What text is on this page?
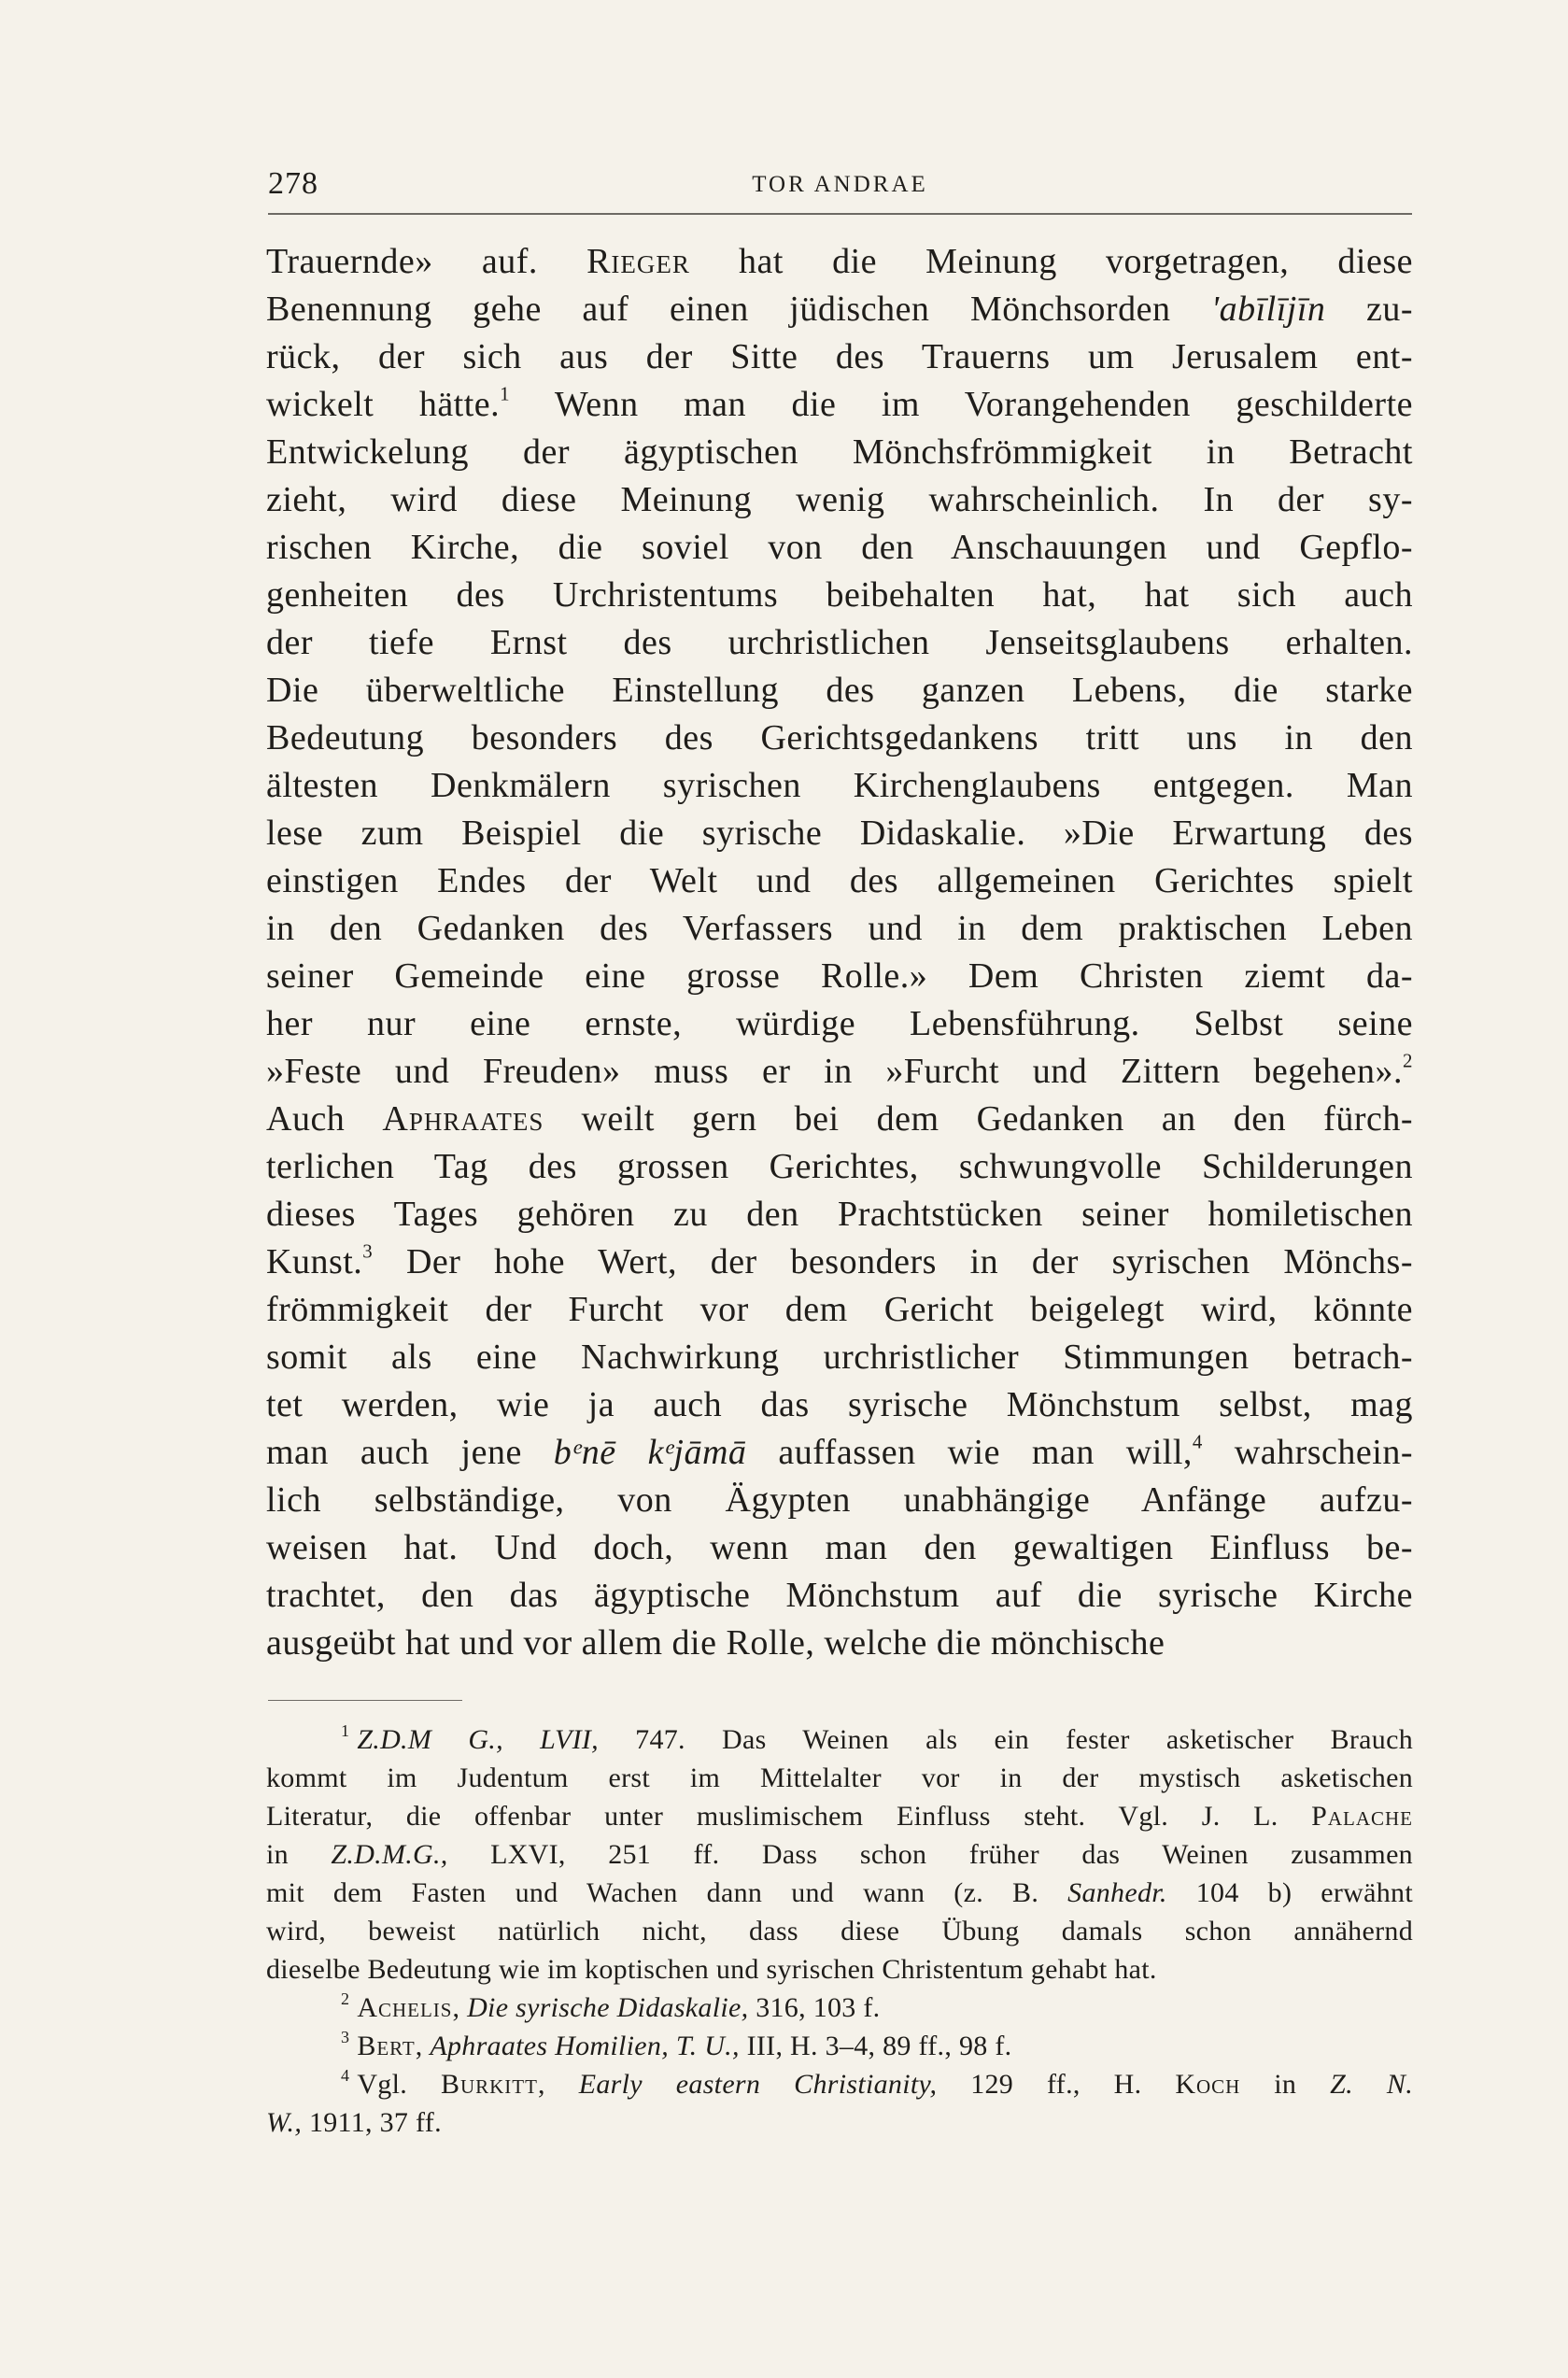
278	TOR ANDRAE
Trauernde» auf. Rieger hat die Meinung vorgetragen, diese
Benennung gehe auf einen jüdischen Mönchsorden 'abīlījīn zu-
rück, der sich aus der Sitte des Trauerns um Jerusalem ent-
wickelt hätte.$^1$ Wenn man die im Vorangehenden geschilderte
Entwickelung der ägyptischen Mönchsfrömmigkeit in Betracht
zieht, wird diese Meinung wenig wahrscheinlich. In der sy-
rischen Kirche, die soviel von den Anschauungen und Gepflo-
genheiten des Urchristentums beibehalten hat, hat sich auch
der tiefe Ernst des urchristlichen Jenseitsglaubens erhalten.
Die überweltliche Einstellung des ganzen Lebens, die starke
Bedeutung besonders des Gerichtsgedankens tritt uns in den
ältesten Denkmälern syrischen Kirchenglaubens entgegen. Man
lese zum Beispiel die syrische Didaskalie. »Die Erwartung des
einstigen Endes der Welt und des allgemeinen Gerichtes spielt
in den Gedanken des Verfassers und in dem praktischen Leben
seiner Gemeinde eine grosse Rolle.» Dem Christen ziemt da-
her nur eine ernste, würdige Lebensführung. Selbst seine
»Feste und Freuden» muss er in »Furcht und Zittern begehen».$^2$
Auch Aphraates weilt gern bei dem Gedanken an den fürch-
terlichen Tag des grossen Gerichtes, schwungvolle Schilderungen
dieses Tages gehören zu den Prachtstücken seiner homiletischen
Kunst.$^3$ Der hohe Wert, der besonders in der syrischen Mönchs-
frömmigkeit der Furcht vor dem Gericht beigelegt wird, könnte
somit als eine Nachwirkung urchristlicher Stimmungen betrach-
tet werden, wie ja auch das syrische Mönchstum selbst, mag
man auch jene bᵉnē kᵉjāmā auffassen wie man will,$^4$ wahrschein-
lich selbständige, von Ägypten unabhängige Anfänge aufzu-
weisen hat. Und doch, wenn man den gewaltigen Einfluss be-
trachtet, den das ägyptische Mönchstum auf die syrische Kirche
ausgeübt hat und vor allem die Rolle, welche die mönchische
$^1$ Z.D.M G., LVII, 747. Das Weinen als ein fester asketischer Brauch
kommt im Judentum erst im Mittelalter vor in der mystisch asketischen
Literatur, die offenbar unter muslimischem Einfluss steht. Vgl. J. L. Palache
in Z.D.M.G., LXVI, 251 ff. Dass schon früher das Weinen zusammen
mit dem Fasten und Wachen dann und wann (z. B. Sanhedr. 104 b) erwähnt
wird, beweist natürlich nicht, dass diese Übung damals schon annähernd
dieselbe Bedeutung wie im koptischen und syrischen Christentum gehabt hat.
$^2$ Achelis, Die syrische Didaskalie, 316, 103 f.
$^3$ Bert, Aphraates Homilien, T. U., III, H. 3–4, 89 ff., 98 f.
$^4$ Vgl. Burkitt, Early eastern Christianity, 129 ff., H. Koch in Z. N.
W., 1911, 37 ff.
